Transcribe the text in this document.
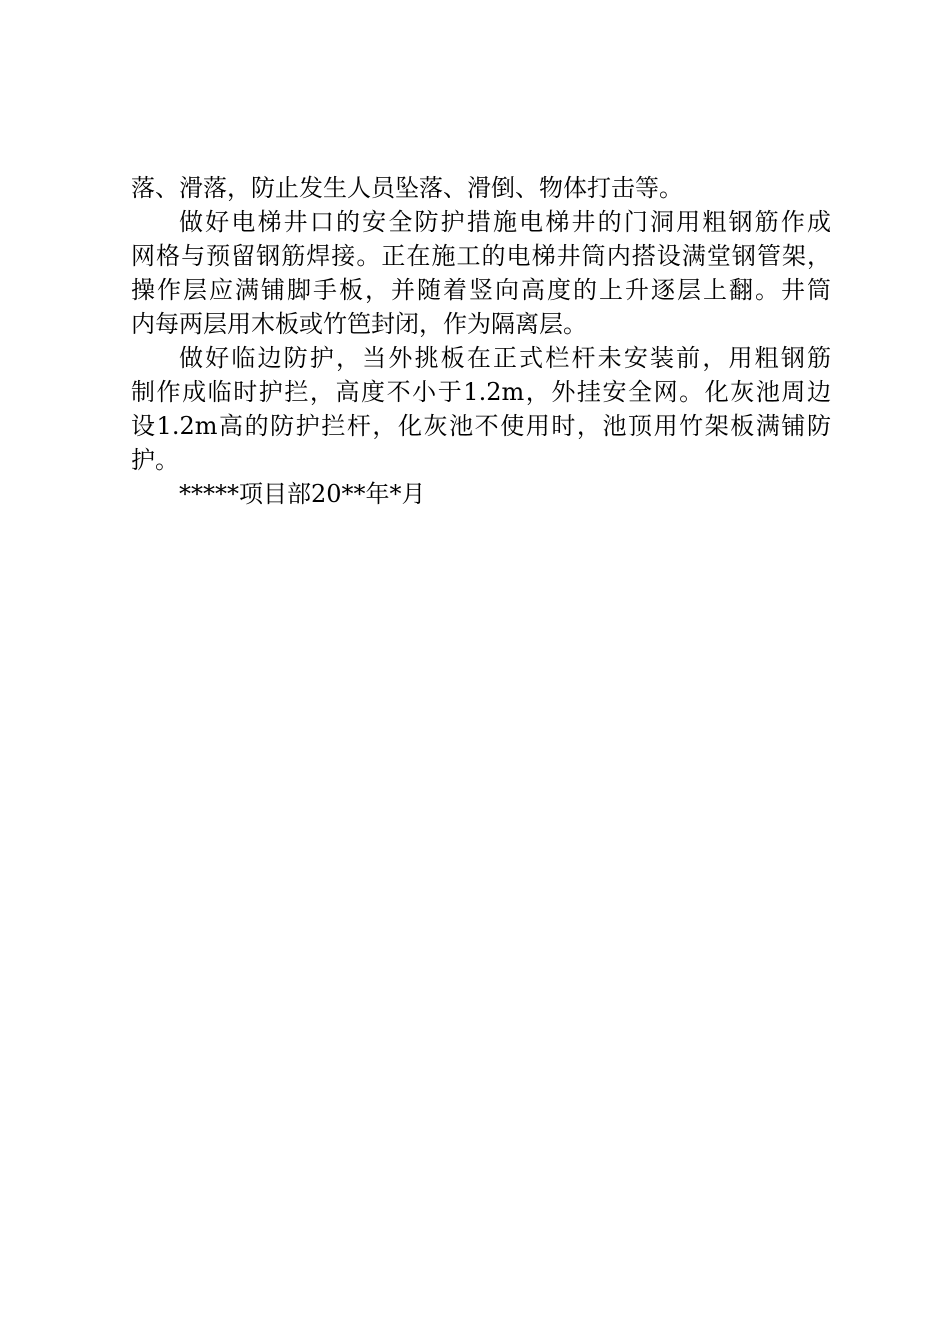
落、滑落，防止发生人员坠落、滑倒、物体打击等。
做好电梯井口的安全防护措施电梯井的门洞用粗钢筋作成
网格与预留钢筋焊接。正在施工的电梯井筒内搭设满堂钢管架，
操作层应满铺脚手板，并随着竖向高度的上升逐层上翻。井筒
内每两层用木板或竹笆封闭，作为隔离层。
做好临边防护，当外挑板在正式栏杆未安装前，用粗钢筋
制作成临时护拦，高度不小于1.2m，外挂安全网。化灰池周边
设1.2m高的防护拦杆，化灰池不使用时，池顶用竹架板满铺防
护。
*****项目部20**年*月
